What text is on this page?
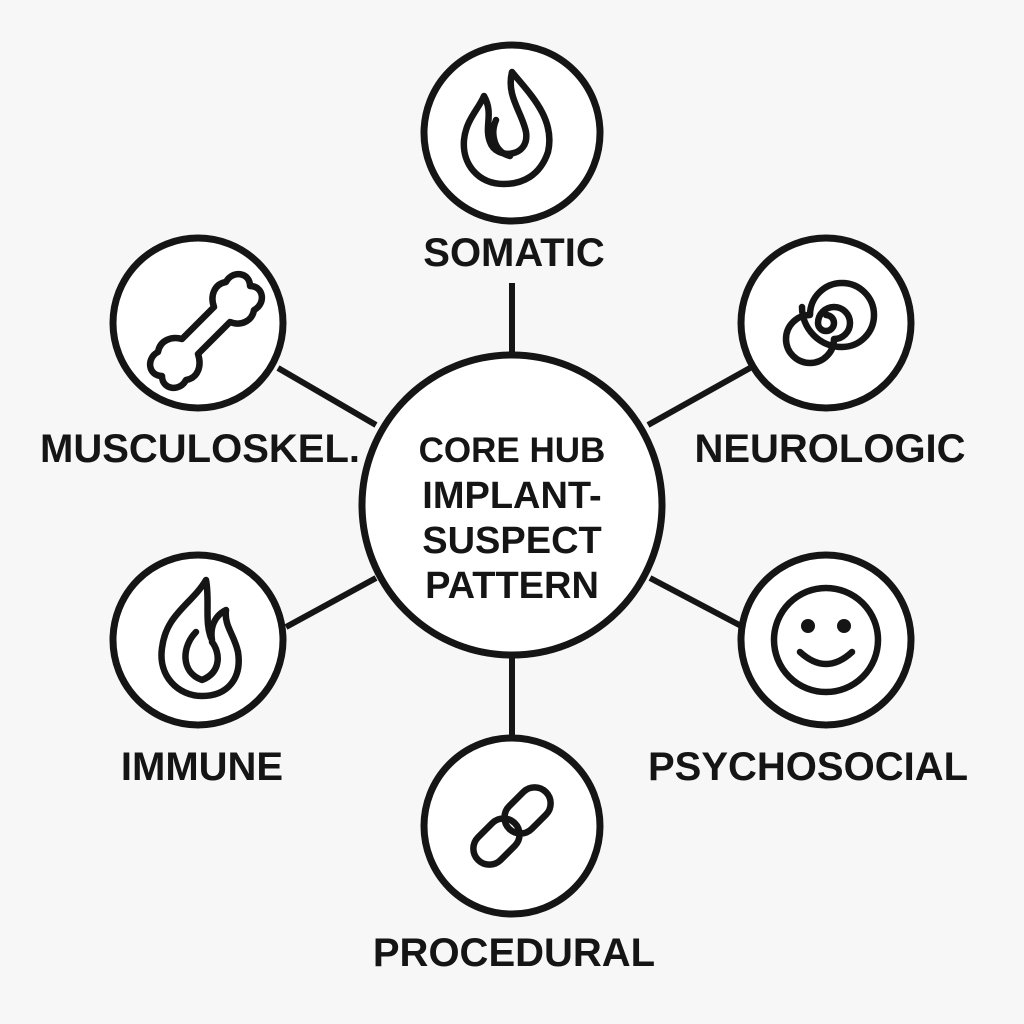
CORE HUB
IMPLANT-
SUSPECT
PATTERN
SOMATIC
NEUROLOGIC
PSYCHOSOCIAL
PROCEDURAL
IMMUNE
MUSCULOSKEL.
